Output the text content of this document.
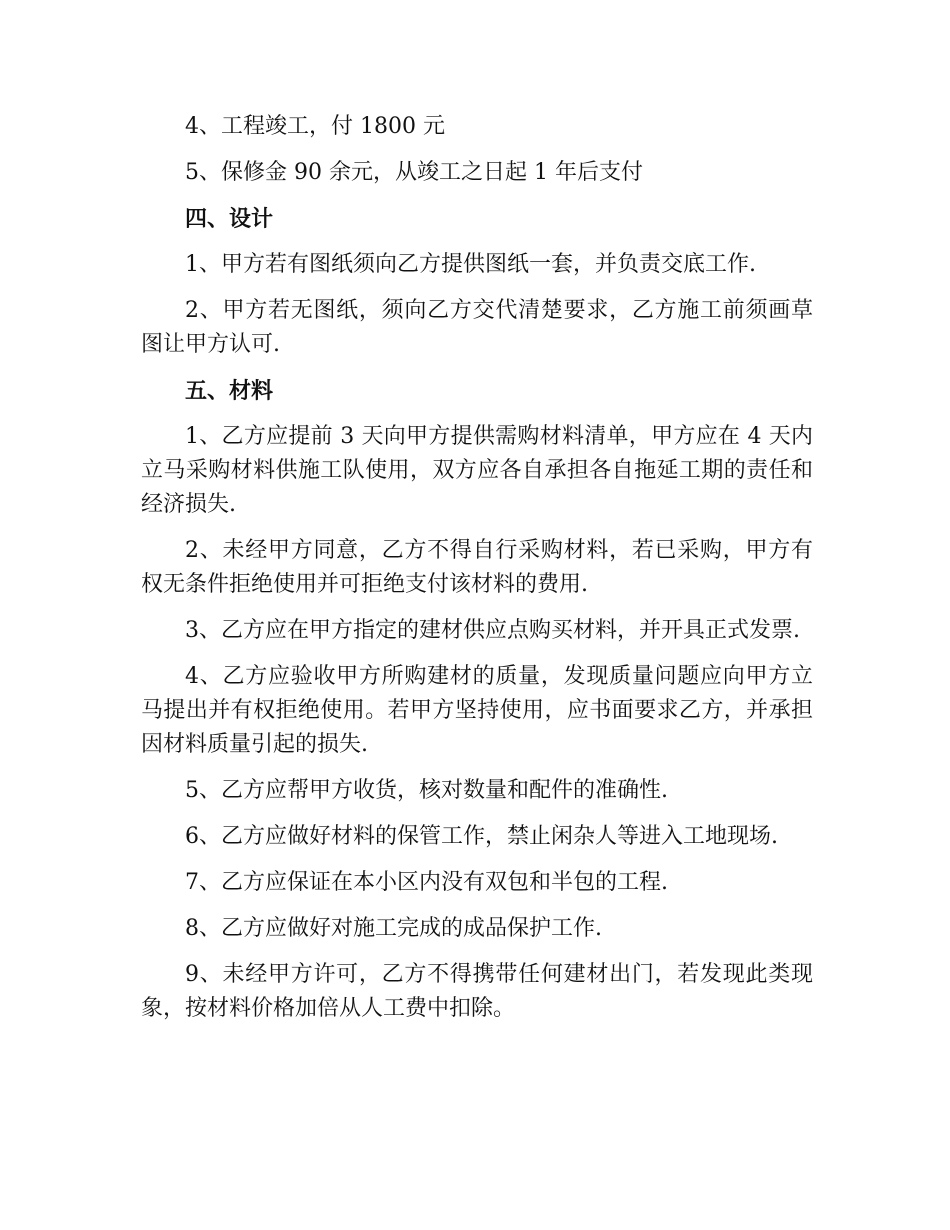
4、工程竣工，付 1800 元

5、保修金 90 余元，从竣工之日起 1 年后支付

四、设计

1、甲方若有图纸须向乙方提供图纸一套，并负责交底工作.

2、甲方若无图纸，须向乙方交代清楚要求，乙方施工前须画草图让甲方认可.

五、材料

1、乙方应提前 3 天向甲方提供需购材料清单，甲方应在 4 天内立马采购材料供施工队使用，双方应各自承担各自拖延工期的责任和经济损失.

2、未经甲方同意，乙方不得自行采购材料，若已采购，甲方有权无条件拒绝使用并可拒绝支付该材料的费用.

3、乙方应在甲方指定的建材供应点购买材料，并开具正式发票.

4、乙方应验收甲方所购建材的质量，发现质量问题应向甲方立马提出并有权拒绝使用。若甲方坚持使用，应书面要求乙方，并承担因材料质量引起的损失.

5、乙方应帮甲方收货，核对数量和配件的准确性.

6、乙方应做好材料的保管工作，禁止闲杂人等进入工地现场.

7、乙方应保证在本小区内没有双包和半包的工程.

8、乙方应做好对施工完成的成品保护工作.

9、未经甲方许可，乙方不得携带任何建材出门，若发现此类现象，按材料价格加倍从人工费中扣除。
